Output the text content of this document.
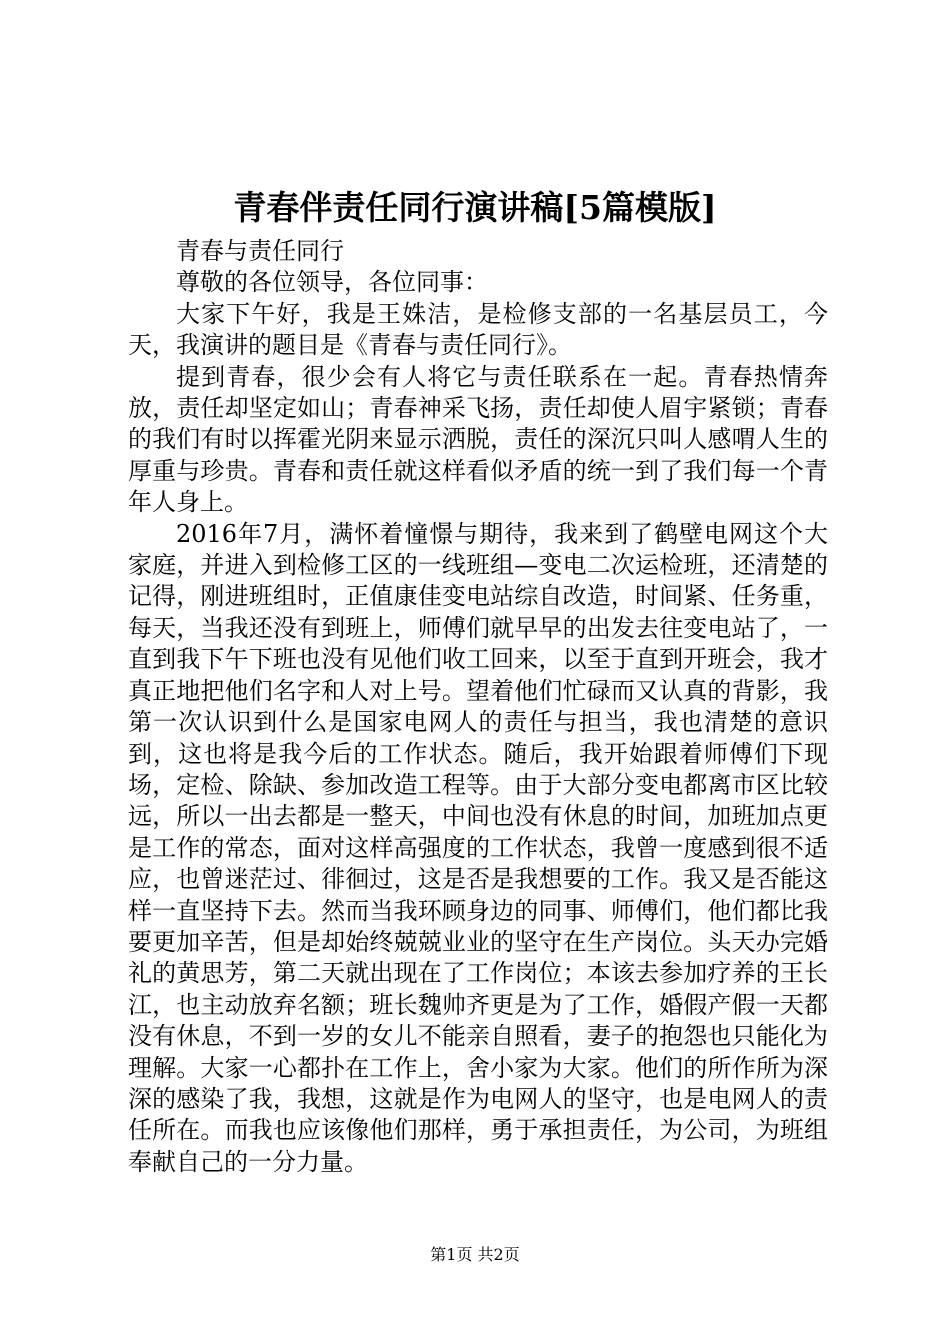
青春伴责任同行演讲稿[5篇模版]

青春与责任同行

尊敬的各位领导，各位同事：

大家下午好，我是王姝洁，是检修支部的一名基层员工，今天，我演讲的题目是《青春与责任同行》。

提到青春，很少会有人将它与责任联系在一起。青春热情奔放，责任却坚定如山；青春神采飞扬，责任却使人眉宇紧锁；青春的我们有时以挥霍光阴来显示洒脱，责任的深沉只叫人感喟人生的厚重与珍贵。青春和责任就这样看似矛盾的统一到了我们每一个青年人身上。

2016年7月，满怀着憧憬与期待，我来到了鹤壁电网这个大家庭，并进入到检修工区的一线班组—变电二次运检班，还清楚的记得，刚进班组时，正值康佳变电站综自改造，时间紧、任务重，每天，当我还没有到班上，师傅们就早早的出发去往变电站了，一直到我下午下班也没有见他们收工回来，以至于直到开班会，我才真正地把他们名字和人对上号。望着他们忙碌而又认真的背影，我第一次认识到什么是国家电网人的责任与担当，我也清楚的意识到，这也将是我今后的工作状态。随后，我开始跟着师傅们下现场，定检、除缺、参加改造工程等。由于大部分变电都离市区比较远，所以一出去都是一整天，中间也没有休息的时间，加班加点更是工作的常态，面对这样高强度的工作状态，我曾一度感到很不适应，也曾迷茫过、徘徊过，这是否是我想要的工作。我又是否能这样一直坚持下去。然而当我环顾身边的同事、师傅们，他们都比我要更加辛苦，但是却始终兢兢业业的坚守在生产岗位。头天办完婚礼的黄思芳，第二天就出现在了工作岗位；本该去参加疗养的王长江，也主动放弃名额；班长魏帅齐更是为了工作，婚假产假一天都没有休息，不到一岁的女儿不能亲自照看，妻子的抱怨也只能化为理解。大家一心都扑在工作上，舍小家为大家。他们的所作所为深深的感染了我，我想，这就是作为电网人的坚守，也是电网人的责任所在。而我也应该像他们那样，勇于承担责任，为公司，为班组奉献自己的一分力量。

第1页 共2页
